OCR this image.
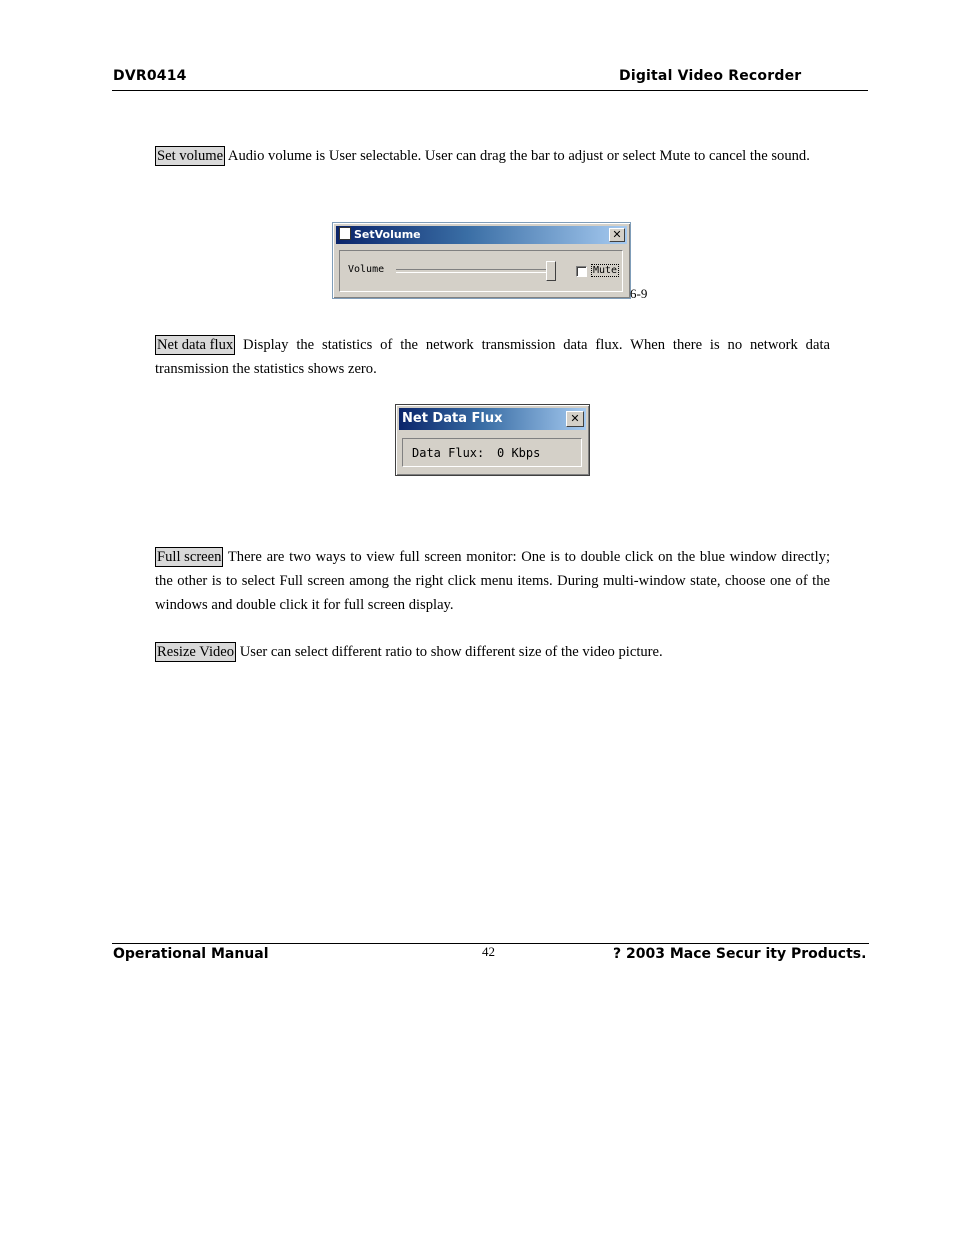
DVR0414	Digital Video Recorder
Set volume Audio volume is User selectable. User can drag the bar to adjust or select Mute to cancel the sound.
SetVolume	✕
Volume	Mute
6-9
Net data flux Display the statistics of the network transmission data flux. When there is no network data transmission the statistics shows zero.
Net Data Flux	✕
Data Flux: 0 Kbps
Full screen There are two ways to view full screen monitor: One is to double click on the blue window directly; the other is to select Full screen among the right click menu items. During multi-window state, choose one of the windows and double click it for full screen display.
Resize Video User can select different ratio to show different size of the video picture.
Operational Manual	42	? 2003 Mace Secur ity Products.
